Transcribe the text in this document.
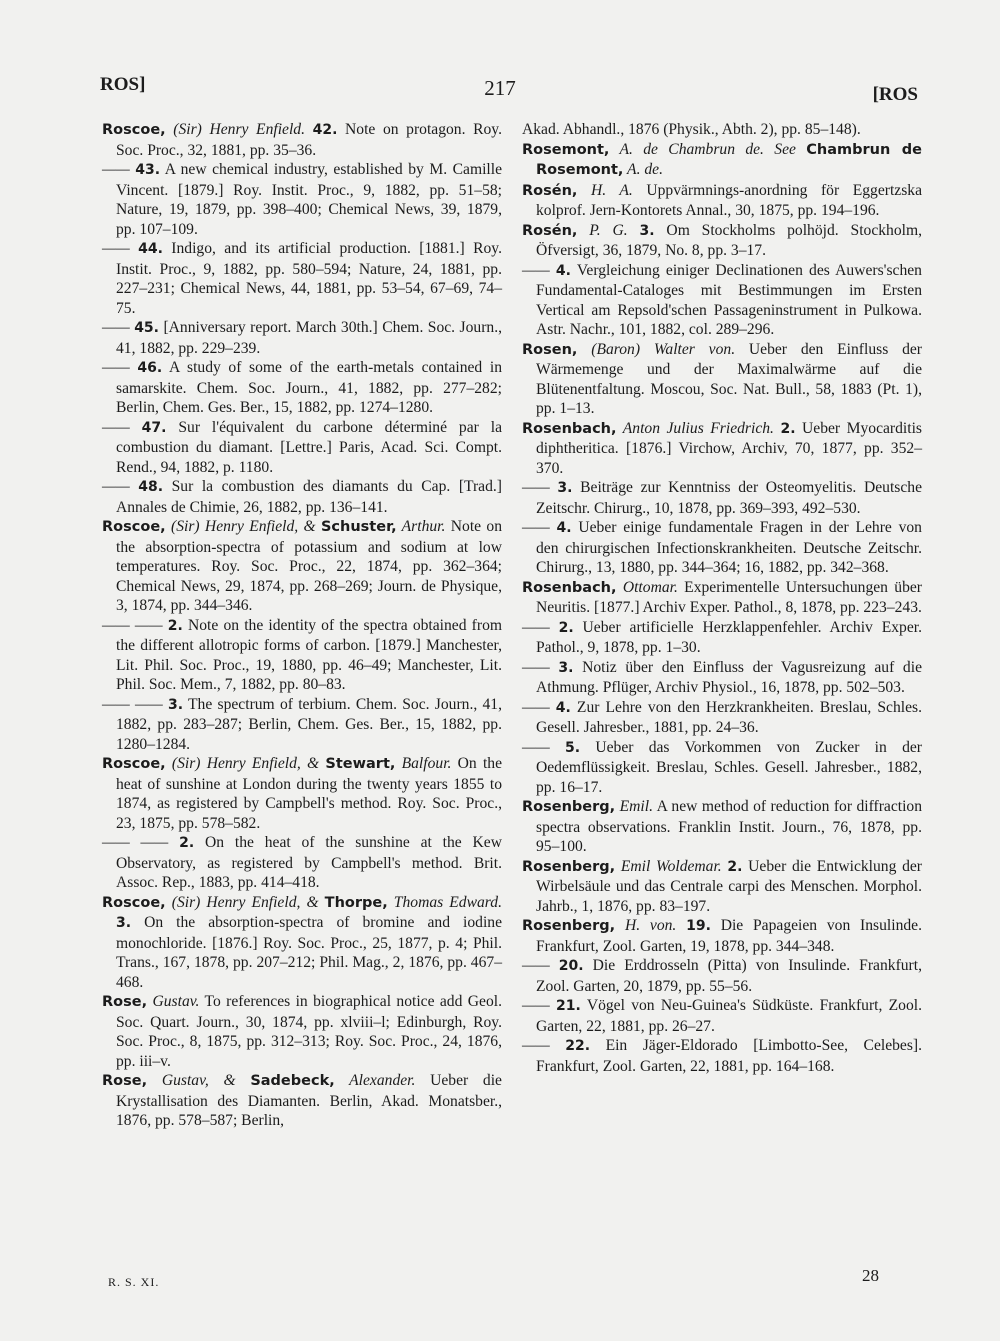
ROS]	217	[ROS

Roscoe, (Sir) Henry Enfield. 42. Note on protagon. Roy. Soc. Proc., 32, 1881, pp. 35–36.

—— 43. A new chemical industry, established by M. Camille Vincent. [1879.] Roy. Instit. Proc., 9, 1882, pp. 51–58; Nature, 19, 1879, pp. 398–400; Chemical News, 39, 1879, pp. 107–109.

—— 44. Indigo, and its artificial production. [1881.] Roy. Instit. Proc., 9, 1882, pp. 580–594; Nature, 24, 1881, pp. 227–231; Chemical News, 44, 1881, pp. 53–54, 67–69, 74–75.

—— 45. [Anniversary report. March 30th.] Chem. Soc. Journ., 41, 1882, pp. 229–239.

—— 46. A study of some of the earth-metals contained in samarskite. Chem. Soc. Journ., 41, 1882, pp. 277–282; Berlin, Chem. Ges. Ber., 15, 1882, pp. 1274–1280.

—— 47. Sur l'équivalent du carbone déterminé par la combustion du diamant. [Lettre.] Paris, Acad. Sci. Compt. Rend., 94, 1882, p. 1180.

—— 48. Sur la combustion des diamants du Cap. [Trad.] Annales de Chimie, 26, 1882, pp. 136–141.

Roscoe, (Sir) Henry Enfield, & Schuster, Arthur. Note on the absorption-spectra of potassium and sodium at low temperatures. Roy. Soc. Proc., 22, 1874, pp. 362–364; Chemical News, 29, 1874, pp. 268–269; Journ. de Physique, 3, 1874, pp. 344–346.

—— —— 2. Note on the identity of the spectra obtained from the different allotropic forms of carbon. [1879.] Manchester, Lit. Phil. Soc. Proc., 19, 1880, pp. 46–49; Manchester, Lit. Phil. Soc. Mem., 7, 1882, pp. 80–83.

—— —— 3. The spectrum of terbium. Chem. Soc. Journ., 41, 1882, pp. 283–287; Berlin, Chem. Ges. Ber., 15, 1882, pp. 1280–1284.

Roscoe, (Sir) Henry Enfield, & Stewart, Balfour. On the heat of sunshine at London during the twenty years 1855 to 1874, as registered by Campbell's method. Roy. Soc. Proc., 23, 1875, pp. 578–582.

—— —— 2. On the heat of the sunshine at the Kew Observatory, as registered by Campbell's method. Brit. Assoc. Rep., 1883, pp. 414–418.

Roscoe, (Sir) Henry Enfield, & Thorpe, Thomas Edward. 3. On the absorption-spectra of bromine and iodine monochloride. [1876.] Roy. Soc. Proc., 25, 1877, p. 4; Phil. Trans., 167, 1878, pp. 207–212; Phil. Mag., 2, 1876, pp. 467–468.

Rose, Gustav. To references in biographical notice add Geol. Soc. Quart. Journ., 30, 1874, pp. xlviii–l; Edinburgh, Roy. Soc. Proc., 8, 1875, pp. 312–313; Roy. Soc. Proc., 24, 1876, pp. iii–v.

Rose, Gustav, & Sadebeck, Alexander. Ueber die Krystallisation des Diamanten. Berlin, Akad. Monatsber., 1876, pp. 578–587; Berlin,

Akad. Abhandl., 1876 (Physik., Abth. 2), pp. 85–148).

Rosemont, A. de Chambrun de. See Chambrun de Rosemont, A. de.

Rosén, H. A. Uppvärmnings-anordning för Eggertzska kolprof. Jern-Kontorets Annal., 30, 1875, pp. 194–196.

Rosén, P. G. 3. Om Stockholms polhöjd. Stockholm, Öfversigt, 36, 1879, No. 8, pp. 3–17.

—— 4. Vergleichung einiger Declinationen des Auwers'schen Fundamental-Cataloges mit Bestimmungen im Ersten Vertical am Repsold'schen Passageninstrument in Pulkowa. Astr. Nachr., 101, 1882, col. 289–296.

Rosen, (Baron) Walter von. Ueber den Einfluss der Wärmemenge und der Maximalwärme auf die Blütenentfaltung. Moscou, Soc. Nat. Bull., 58, 1883 (Pt. 1), pp. 1–13.

Rosenbach, Anton Julius Friedrich. 2. Ueber Myocarditis diphtheritica. [1876.] Virchow, Archiv, 70, 1877, pp. 352–370.

—— 3. Beiträge zur Kenntniss der Osteomyelitis. Deutsche Zeitschr. Chirurg., 10, 1878, pp. 369–393, 492–530.

—— 4. Ueber einige fundamentale Fragen in der Lehre von den chirurgischen Infectionskrankheiten. Deutsche Zeitschr. Chirurg., 13, 1880, pp. 344–364; 16, 1882, pp. 342–368.

Rosenbach, Ottomar. Experimentelle Untersuchungen über Neuritis. [1877.] Archiv Exper. Pathol., 8, 1878, pp. 223–243.

—— 2. Ueber artificielle Herzklappenfehler. Archiv Exper. Pathol., 9, 1878, pp. 1–30.

—— 3. Notiz über den Einfluss der Vagusreizung auf die Athmung. Pflüger, Archiv Physiol., 16, 1878, pp. 502–503.

—— 4. Zur Lehre von den Herzkrankheiten. Breslau, Schles. Gesell. Jahresber., 1881, pp. 24–36.

—— 5. Ueber das Vorkommen von Zucker in der Oedemflüssigkeit. Breslau, Schles. Gesell. Jahresber., 1882, pp. 16–17.

Rosenberg, Emil. A new method of reduction for diffraction spectra observations. Franklin Instit. Journ., 76, 1878, pp. 95–100.

Rosenberg, Emil Woldemar. 2. Ueber die Entwicklung der Wirbelsäule und das Centrale carpi des Menschen. Morphol. Jahrb., 1, 1876, pp. 83–197.

Rosenberg, H. von. 19. Die Papageien von Insulinde. Frankfurt, Zool. Garten, 19, 1878, pp. 344–348.

—— 20. Die Erddrosseln (Pitta) von Insulinde. Frankfurt, Zool. Garten, 20, 1879, pp. 55–56.

—— 21. Vögel von Neu-Guinea's Südküste. Frankfurt, Zool. Garten, 22, 1881, pp. 26–27.

—— 22. Ein Jäger-Eldorado [Limbotto-See, Celebes]. Frankfurt, Zool. Garten, 22, 1881, pp. 164–168.

R. S. XI.	28
